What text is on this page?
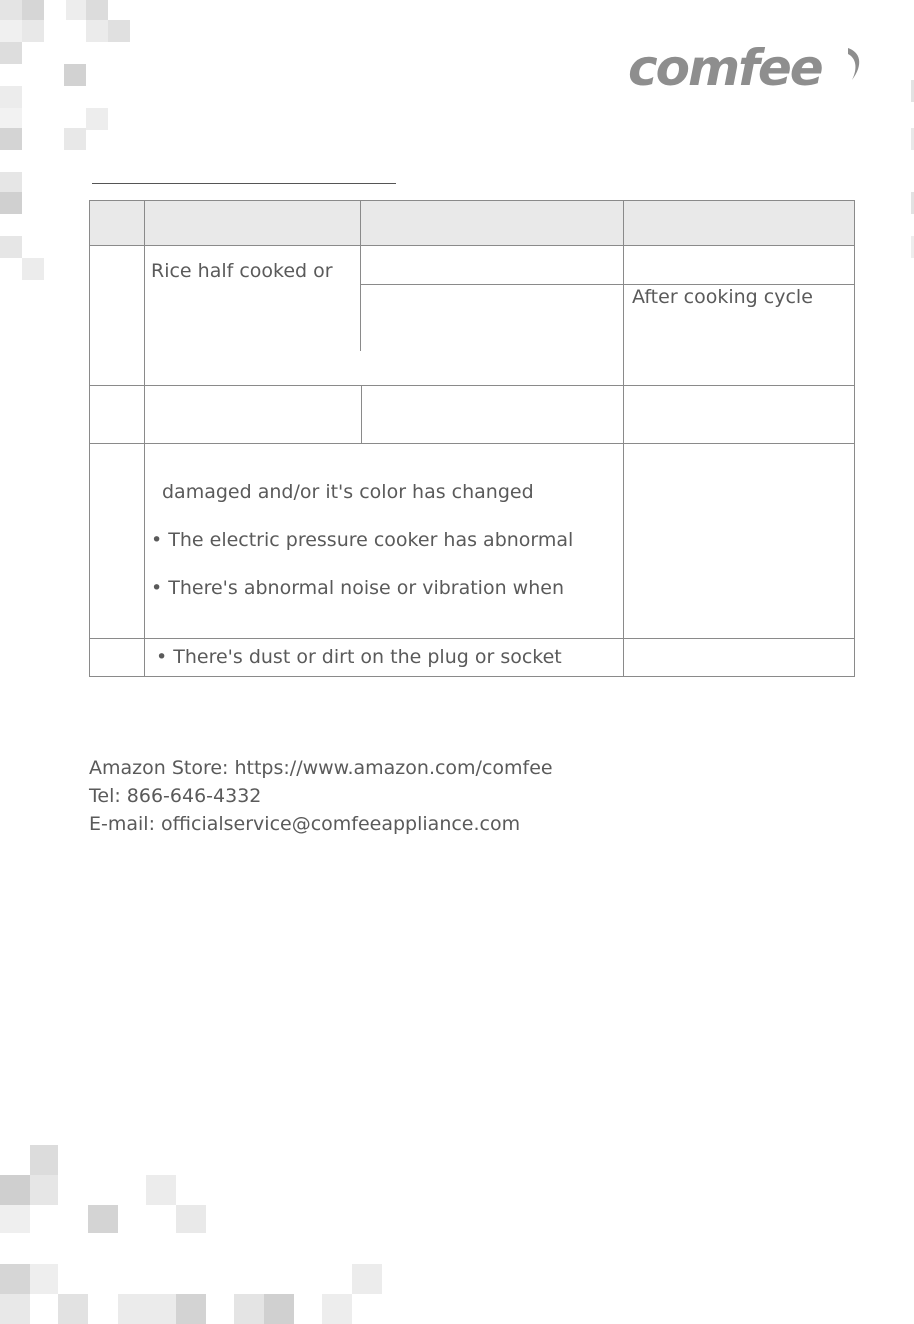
comfee
Rice half cooked or
After cooking cycle
damaged and/or it's color has changed
• The electric pressure cooker has abnormal
• There's abnormal noise or vibration when
• There's dust or dirt on the plug or socket
Amazon Store: https://www.amazon.com/comfee
Tel: 866-646-4332
E-mail: officialservice@comfeeappliance.com
